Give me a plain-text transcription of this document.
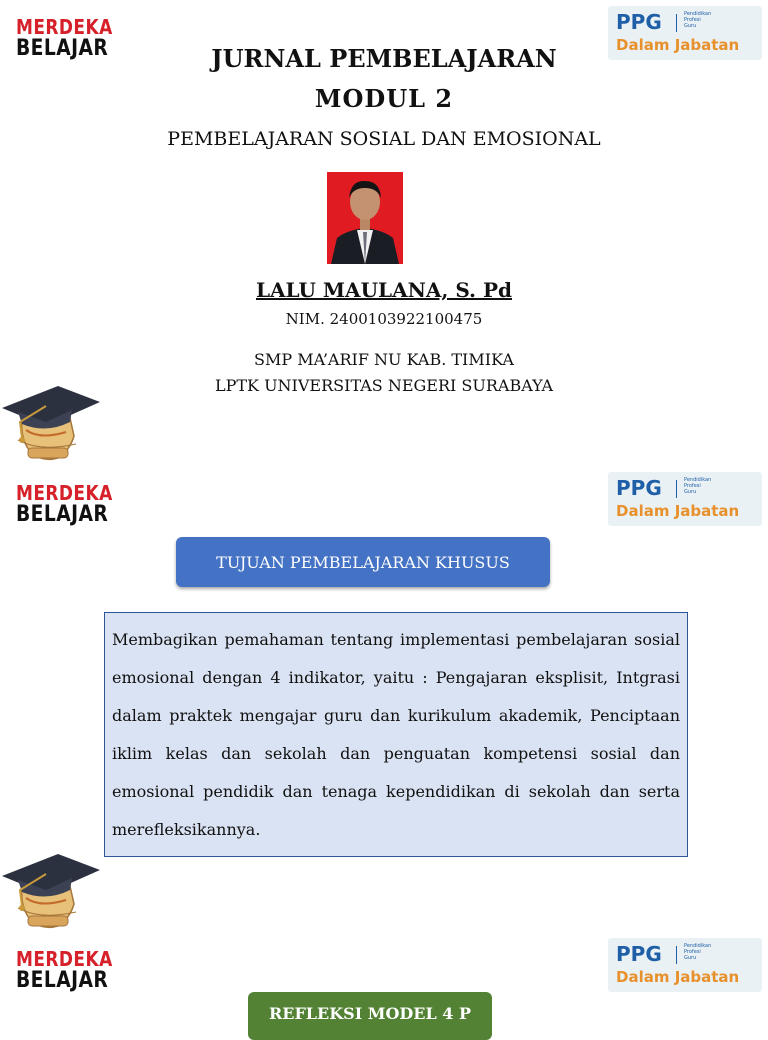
MERDEKA
BELAJAR
PPG	Pendidikan
Profesi
Guru
Dalam Jabatan
JURNAL PEMBELAJARAN
MODUL 2
PEMBELAJARAN SOSIAL DAN EMOSIONAL
LALU MAULANA, S. Pd
NIM. 2400103922100475
SMP MA’ARIF NU KAB. TIMIKA
LPTK UNIVERSITAS NEGERI SURABAYA
MERDEKA
BELAJAR
PPG	Pendidikan
Profesi
Guru
Dalam Jabatan
TUJUAN PEMBELAJARAN KHUSUS
Membagikan pemahaman tentang implementasi pembelajaran sosial emosional dengan 4 indikator, yaitu : Pengajaran eksplisit, Intgrasi dalam praktek mengajar guru dan kurikulum akademik, Penciptaan iklim kelas dan sekolah dan penguatan kompetensi sosial dan emosional pendidik dan tenaga kependidikan di sekolah dan serta merefleksikannya.
MERDEKA
BELAJAR
PPG	Pendidikan
Profesi
Guru
Dalam Jabatan
REFLEKSI MODEL 4 P
